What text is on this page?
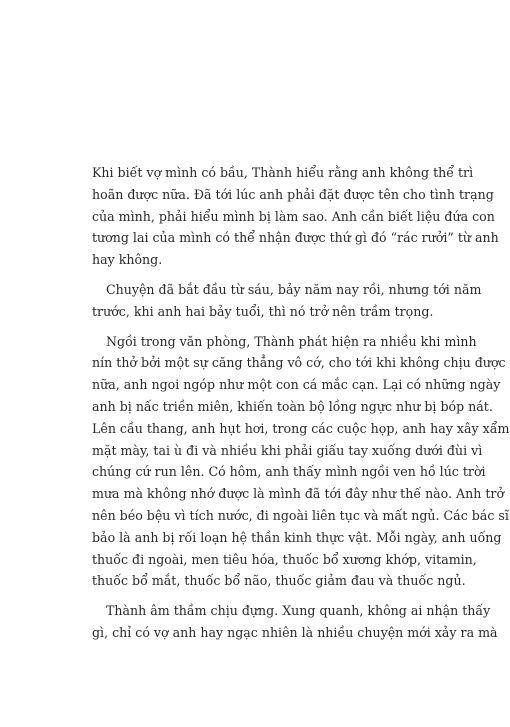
Khi biết vợ mình có bầu, Thành hiểu rằng anh không thể trì
hoãn được nữa. Đã tới lúc anh phải đặt được tên cho tình trạng
của mình, phải hiểu mình bị làm sao. Anh cần biết liệu đứa con
tương lai của mình có thể nhận được thứ gì đó “rác rưởi” từ anh
hay không.

Chuyện đã bắt đầu từ sáu, bảy năm nay rồi, nhưng tới năm
trước, khi anh hai bảy tuổi, thì nó trở nên trầm trọng.

Ngồi trong văn phòng, Thành phát hiện ra nhiều khi mình
nín thở bởi một sự căng thẳng vô cớ, cho tới khi không chịu được
nữa, anh ngoi ngóp như một con cá mắc cạn. Lại có những ngày
anh bị nấc triền miên, khiến toàn bộ lồng ngực như bị bóp nát.
Lên cầu thang, anh hụt hơi, trong các cuộc họp, anh hay xây xẩm
mặt mày, tai ù đi và nhiều khi phải giấu tay xuống dưới đùi vì
chúng cứ run lên. Có hôm, anh thấy mình ngồi ven hồ lúc trời
mưa mà không nhớ được là mình đã tới đây như thế nào. Anh trở
nên béo bệu vì tích nước, đi ngoài liên tục và mất ngủ. Các bác sĩ
bảo là anh bị rối loạn hệ thần kinh thực vật. Mỗi ngày, anh uống
thuốc đi ngoài, men tiêu hóa, thuốc bổ xương khớp, vitamin,
thuốc bổ mắt, thuốc bổ não, thuốc giảm đau và thuốc ngủ.

Thành âm thầm chịu đựng. Xung quanh, không ai nhận thấy
gì, chỉ có vợ anh hay ngạc nhiên là nhiều chuyện mới xảy ra mà
